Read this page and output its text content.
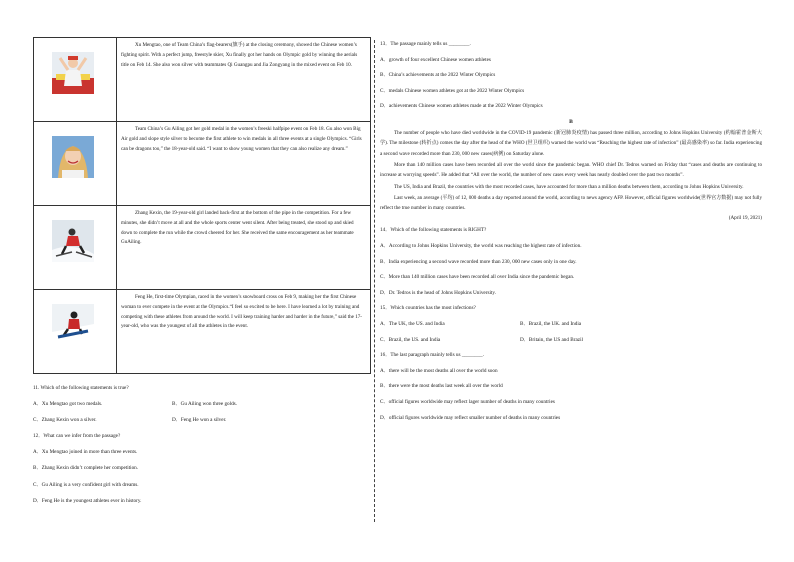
	Xu Mengtao, one of Team China’s flag-bearers(旗手) at the closing ceremony, showed the Chinese women’s fighting spirit. With a perfect jump, freestyle skier, Xu finally got her hands on Olympic gold by winning the aerials title on Feb 14. She also won silver with teammates Qi Guangpu and Jia Zongyang in the mixed event on Feb 10.

	Team China’s Gu Ailing got her gold medal in the women’s freeski halfpipe event on Feb 18. Gu also won Big Air gold and slope style silver to become the first athlete to win medals in all three events at a single Olympics. “Girls can be dragons too,” the 18-year-old said. “I want to show young women that they can also realize any dream.”

	Zhang Kexin, the 19-year-old girl landed back-first at the bottom of the pipe in the competition. For a few minutes, she didn’t move at all and the whole sports center went silent. After being treated, she stood up and skied down to complete the run while the crowd cheered for her. She received the same encouragement as her teammate GuAiling.

	Feng He, first-time Olympian, raced in the women’s snowboard cross on Feb 9, making her the first Chinese woman to ever compete in the event at the Olympics.“I feel so excited to be here. I have learned a lot by training and competing with these athletes from around the world. I will keep training harder and harder in the future,” said the 17-year-old, who was the youngest of all the athletes in the event.
11. Which of the following statements is true?
A．Xu Mengtao got two medals.	B．Gu Ailing won three golds.
C．Zhang Kexin won a silver.	D．Feng He won a silver.
12．What can we infer from the passage?
A．Xu Mengtao joined in more than three events.
B．Zhang Kexin didn’t complete her competition.
C．Gu Ailing is a very confident girl with dreams.
D．Feng He is the youngest athletes ever in history.
13．The passage mainly tells us ________.
A．growth of four excellent Chinese women athletes
B．China’s achievements at the 2022 Winter Olympics
C．medals Chinese women athletes got at the 2022 Winter Olympics
D．achievements Chinese women athletes made at the 2022 Winter Olympics
B

The number of people who have died worldwide in the COVID-19 pandemic (新冠肺炎疫情) has passed three million, according to Johns Hopkins University (约翰霍普金斯大学). The milestone (转折点) comes the day after the head of the WHO (世卫组织) warned the world was “Reaching the highest rate of infection” (最高感染率) so far. India experiencing a second wave recorded more than 230, 000 new cases(病例) on Saturday alone.

More than 140 million cases have been recorded all over the world since the pandemic began. WHO chief Dr. Tedros warned on Friday that “cases and deaths are continuing to increase at worrying speeds”. He added that “All over the world, the number of new cases every week has nearly doubled over the past two months”.

The US, India and Brazil, the countries with the most recorded cases, have accounted for more than a million deaths between them, according to Johns Hopkins University.

Last week, an average (平均) of 12, 000 deaths a day reported around the world, according to news agency AFP. However, official figures worldwide(世界官方数据) may not fully reflect the true number in many countries.

(April 19, 2021)
14．Which of the following statements is RIGHT?
A．According to Johns Hopkins University, the world was reaching the highest rate of infection.
B．India experiencing a second wave recorded more than 230, 000 new cases only in one day.
C．More than 140 million cases have been recorded all over India since the pandemic began.
D．Dr. Tedros is the head of Johns Hopkins University.
15．Which countries has the most infections?
A．The UK, the US. and India	B．Brazil, the UK. and India
C．Brazil, the US. and India	D．Britain, the US and Brazil
16．The last paragraph mainly tells us ________.
A．there will be the most deaths all over the world soon
B．there were the most deaths last week all over the world
C．official figures worldwide may reflect lager number of deaths in many countries
D．official figures worldwide may reflect smaller number of deaths in many countries
